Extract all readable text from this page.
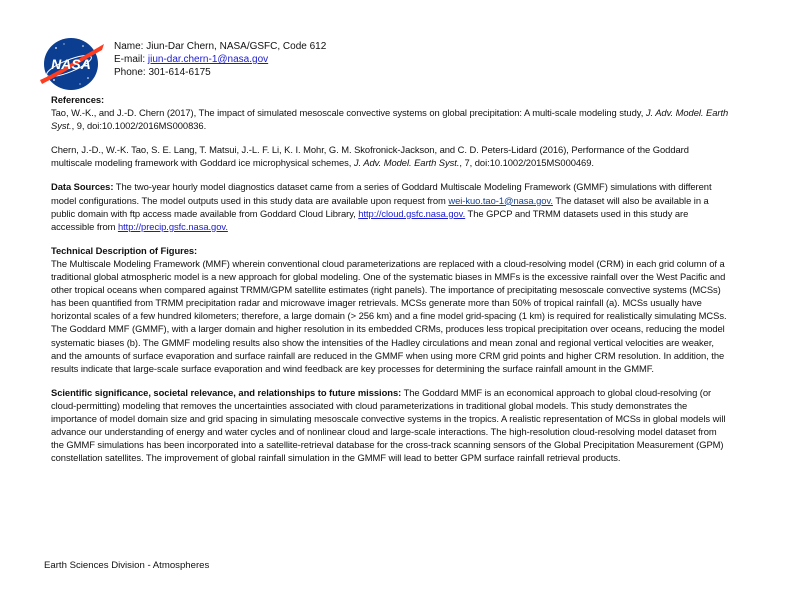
NASA
Name: Jiun-Dar Chern, NASA/GSFC, Code 612
E-mail: jiun-dar.chern-1@nasa.gov
Phone: 301-614-6175

References:
Tao, W.-K., and J.-D. Chern (2017), The impact of simulated mesoscale convective systems on global precipitation: A multi-scale modeling study, J. Adv. Model. Earth Syst., 9, doi:10.1002/2016MS000836.

Chern, J.-D., W.-K. Tao, S. E. Lang, T. Matsui, J.-L. F. Li, K. I. Mohr, G. M. Skofronick-Jackson, and C. D. Peters-Lidard (2016), Performance of the Goddard multiscale modeling framework with Goddard ice microphysical schemes, J. Adv. Model. Earth Syst., 7, doi:10.1002/2015MS000469.

Data Sources: The two-year hourly model diagnostics dataset came from a series of Goddard Multiscale Modeling Framework (GMMF) simulations with different model configurations. The model outputs used in this study data are available upon request from wei-kuo.tao-1@nasa.gov. The dataset will also be available in a public domain with ftp access made available from Goddard Cloud Library, http://cloud.gsfc.nasa.gov. The GPCP and TRMM datasets used in this study are accessible from http://precip.gsfc.nasa.gov.

Technical Description of Figures:
The Multiscale Modeling Framework (MMF) wherein conventional cloud parameterizations are replaced with a cloud-resolving model (CRM) in each grid column of a traditional global atmospheric model is a new approach for global modeling. One of the systematic biases in MMFs is the excessive rainfall over the West Pacific and other tropical oceans when compared against TRMM/GPM satellite estimates (right panels). The importance of precipitating mesoscale convective systems (MCSs) has been quantified from TRMM precipitation radar and microwave imager retrievals. MCSs generate more than 50% of tropical rainfall (a). MCSs usually have horizontal scales of a few hundred kilometers; therefore, a large domain (> 256 km) and a fine model grid-spacing (1 km) is required for realistically simulating MCSs. The Goddard MMF (GMMF), with a larger domain and higher resolution in its embedded CRMs, produces less tropical precipitation over oceans, reducing the model systematic biases (b). The GMMF modeling results also show the intensities of the Hadley circulations and mean zonal and regional vertical velocities are weaker, and the amounts of surface evaporation and surface rainfall are reduced in the GMMF when using more CRM grid points and higher CRM resolution. In addition, the results indicate that large-scale surface evaporation and wind feedback are key processes for determining the surface rainfall amount in the GMMF.

Scientific significance, societal relevance, and relationships to future missions: The Goddard MMF is an economical approach to global cloud-resolving (or cloud-permitting) modeling that removes the uncertainties associated with cloud parameterizations in traditional global models. This study demonstrates the importance of model domain size and grid spacing in simulating mesoscale convective systems in the tropics. A realistic representation of MCSs in global models will advance our understanding of energy and water cycles and of nonlinear cloud and large-scale interactions. The high-resolution cloud-resolving model dataset from the GMMF simulations has been incorporated into a satellite-retrieval database for the cross-track scanning sensors of the Global Precipitation Measurement (GPM) constellation satellites. The improvement of global rainfall simulation in the GMMF will lead to better GPM surface rainfall retrieval products.

Earth Sciences Division - Atmospheres
